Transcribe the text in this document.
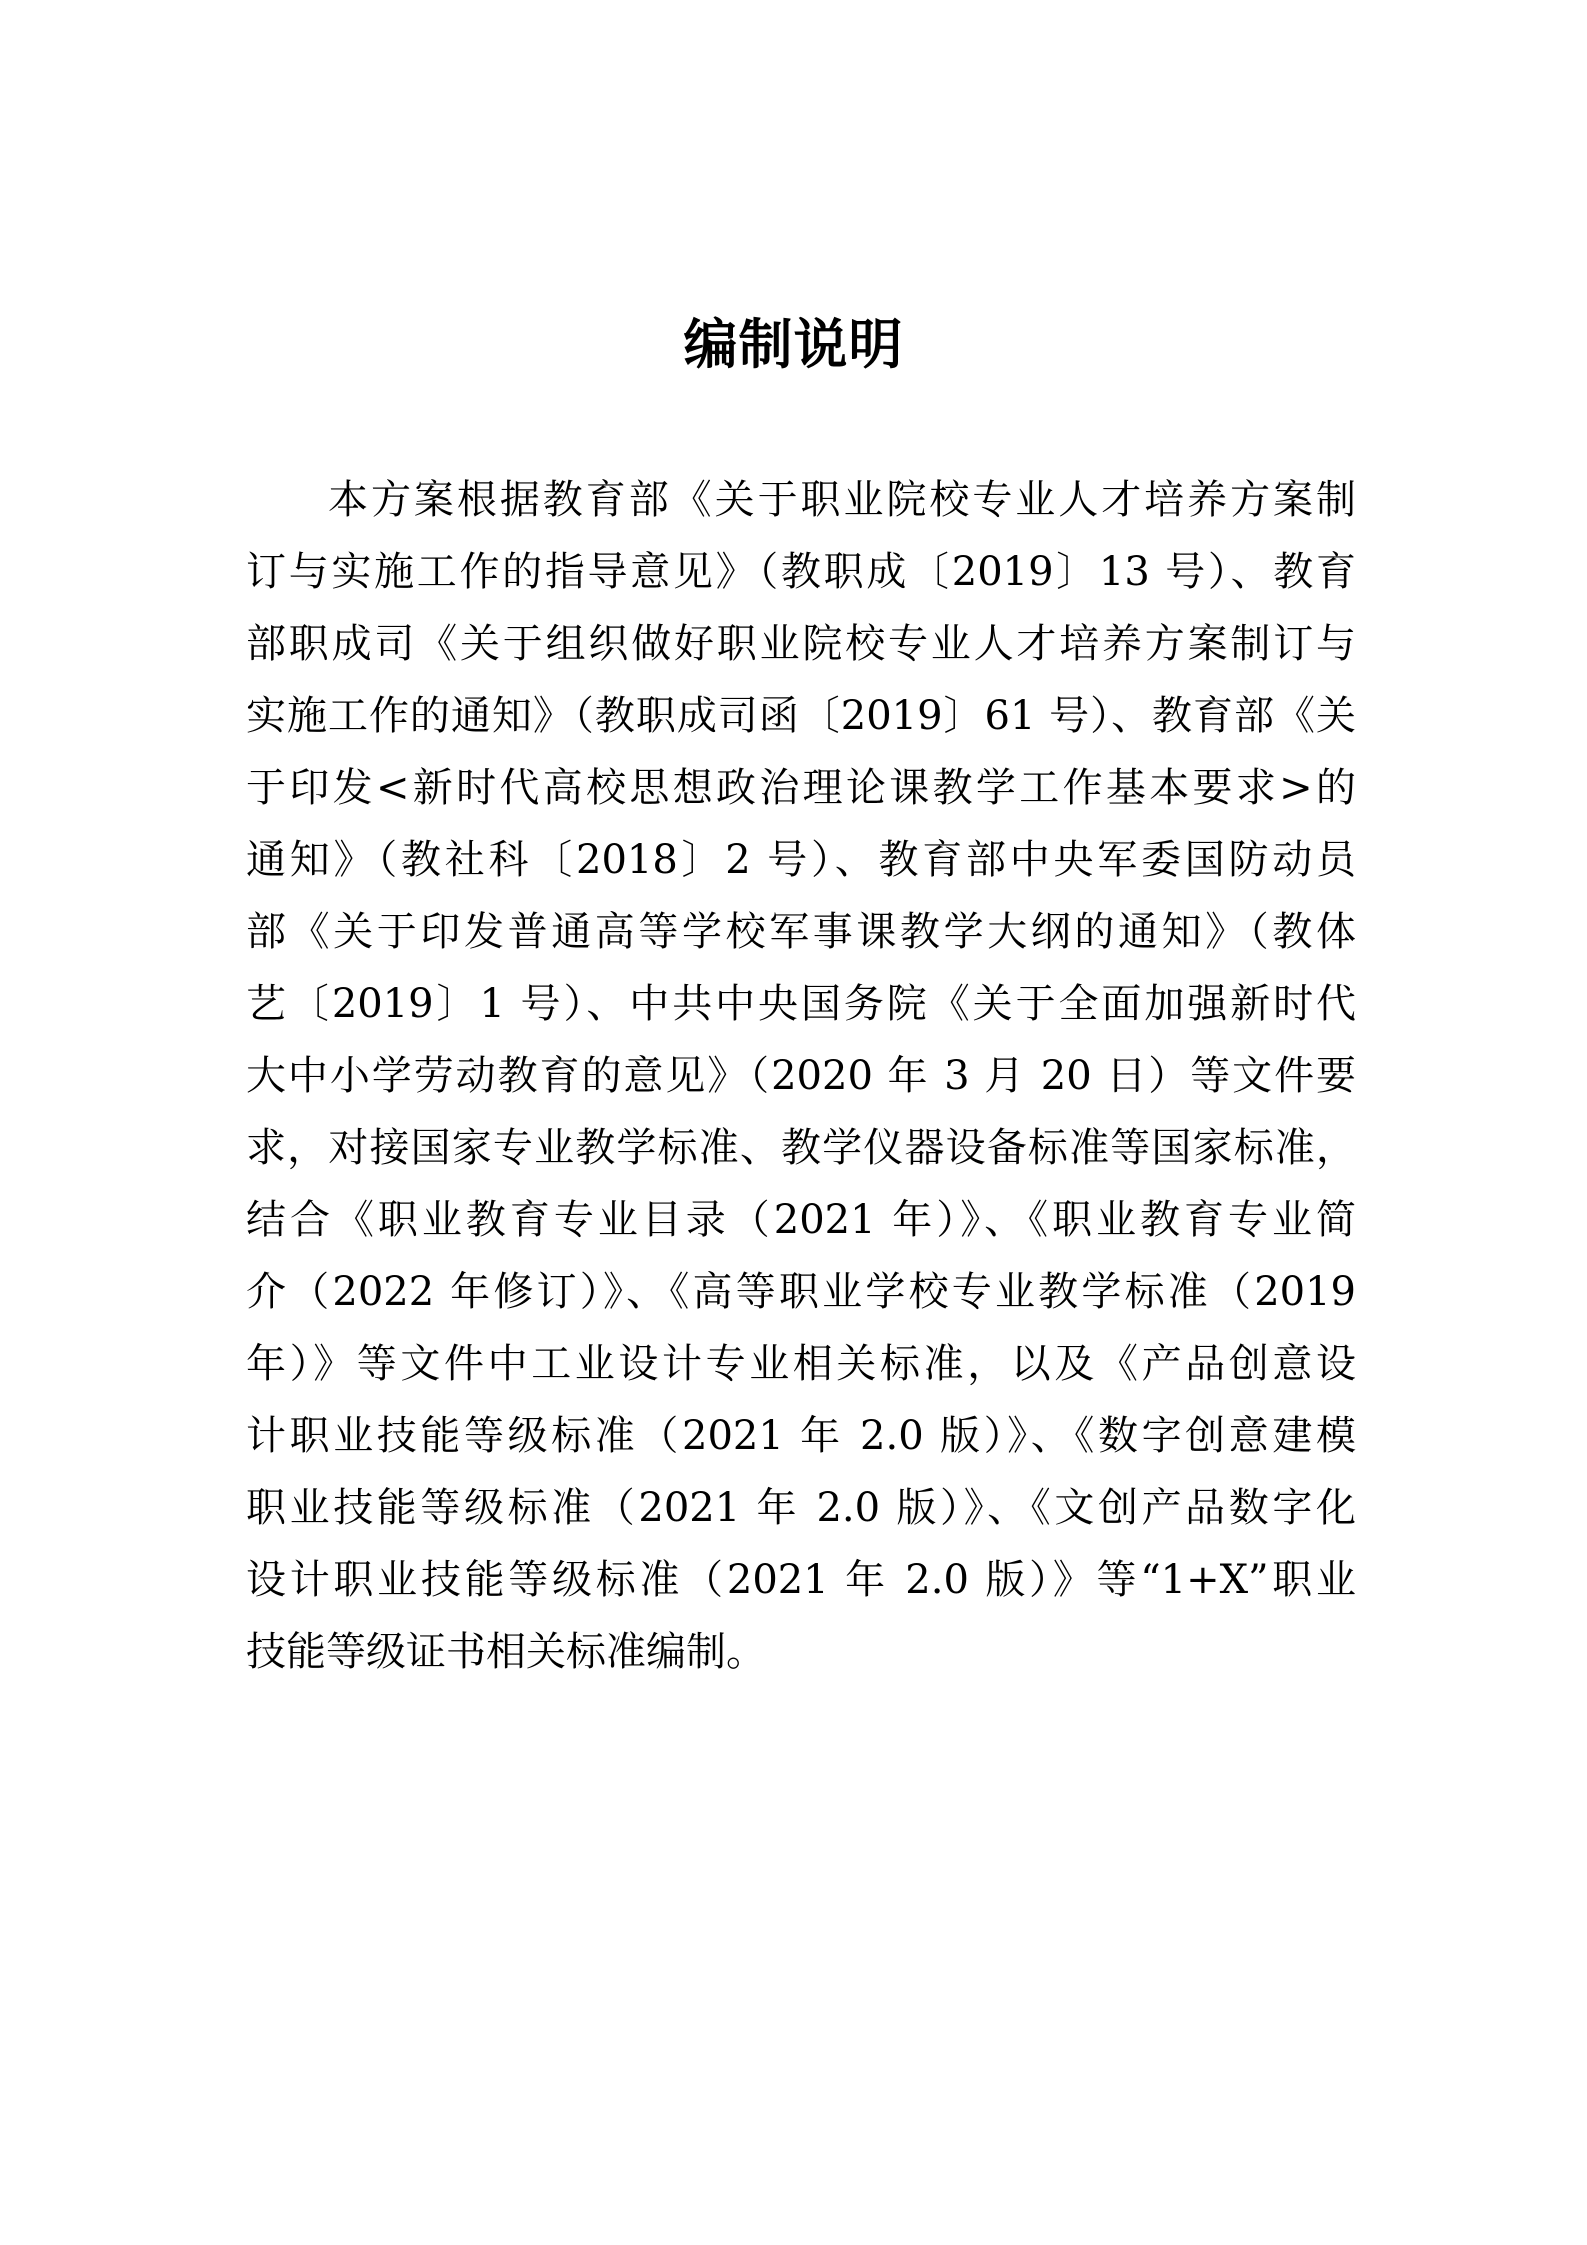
编制说明
本方案根据教育部《关于职业院校专业人才培养方案制
订与实施工作的指导意见》（教职成〔2019〕13 号）、教育
部职成司《关于组织做好职业院校专业人才培养方案制订与
实施工作的通知》（教职成司函〔2019〕61 号）、教育部《关
于印发<新时代高校思想政治理论课教学工作基本要求>的
通知》（教社科〔2018〕2 号）、教育部中央军委国防动员
部《关于印发普通高等学校军事课教学大纲的通知》（教体
艺〔2019〕1 号）、中共中央国务院《关于全面加强新时代
大中小学劳动教育的意见》（2020 年 3 月 20 日）等文件要
求，对接国家专业教学标准、教学仪器设备标准等国家标准，
结合《职业教育专业目录（2021 年）》、《职业教育专业简
介（2022 年修订）》、《高等职业学校专业教学标准（2019
年）》等文件中工业设计专业相关标准，以及《产品创意设
计职业技能等级标准（2021 年 2.0 版）》、《数字创意建模
职业技能等级标准（2021 年 2.0 版）》、《文创产品数字化
设计职业技能等级标准（2021 年 2.0 版）》等“1+X”职业
技能等级证书相关标准编制。
